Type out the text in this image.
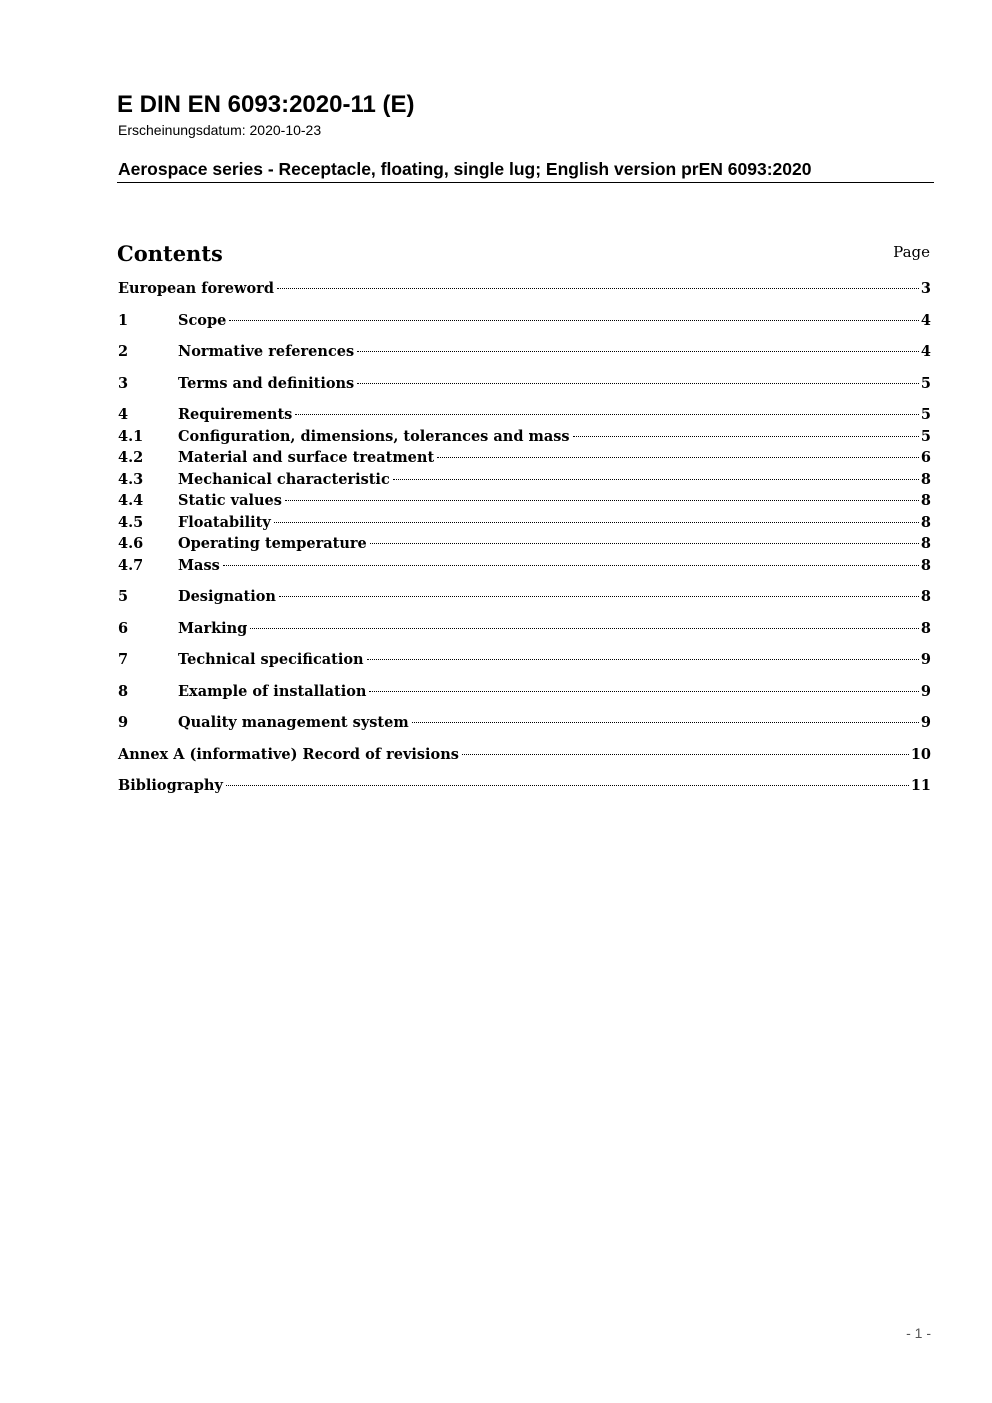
E DIN EN 6093:2020-11 (E)
Erscheinungsdatum: 2020-10-23
Aerospace series - Receptacle, floating, single lug; English version prEN 6093:2020
Contents	Page
European foreword	3
1	Scope	4
2	Normative references	4
3	Terms and definitions	5
4	Requirements	5
4.1	Configuration, dimensions, tolerances and mass	5
4.2	Material and surface treatment	6
4.3	Mechanical characteristic	8
4.4	Static values	8
4.5	Floatability	8
4.6	Operating temperature	8
4.7	Mass	8
5	Designation	8
6	Marking	8
7	Technical specification	9
8	Example of installation	9
9	Quality management system	9
Annex A (informative) Record of revisions	10
Bibliography	11
- 1 -
